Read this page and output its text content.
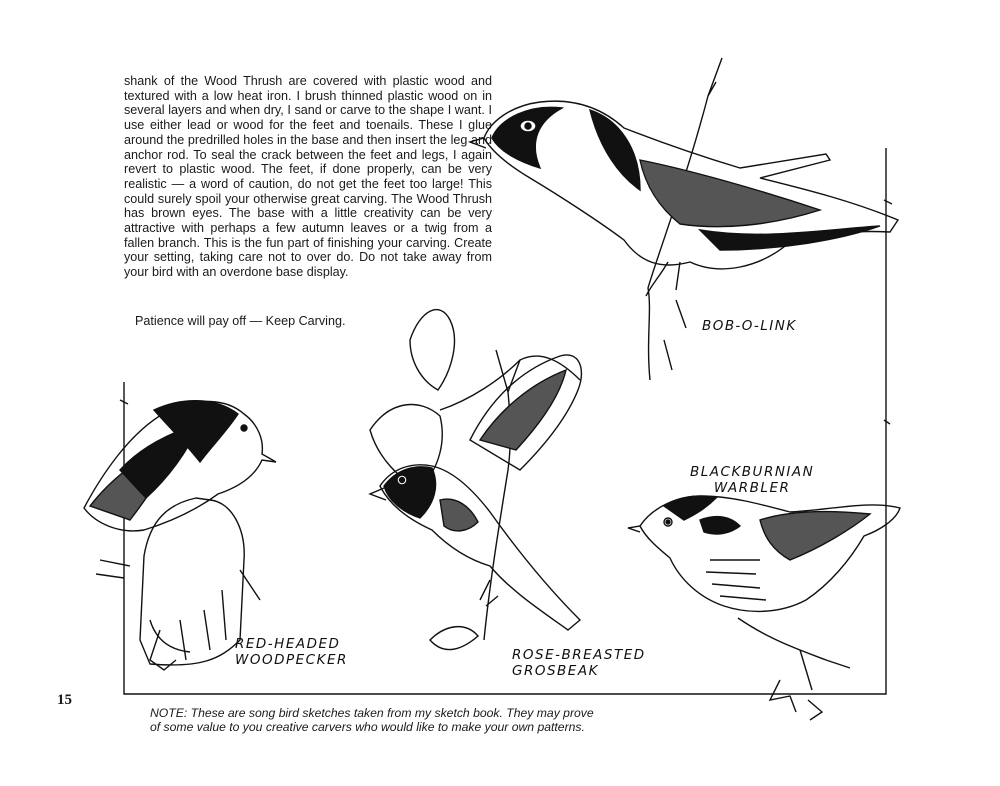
shank of the Wood Thrush are covered with plastic wood and textured with a low heat iron. I brush thinned plastic wood on in several layers and when dry, I sand or carve to the shape I want. I use either lead or wood for the feet and toenails. These I glue around the predrilled holes in the base and then insert the leg and anchor rod. To seal the crack between the feet and legs, I again revert to plastic wood. The feet, if done properly, can be very realistic — a word of caution, do not get the feet too large! This could surely spoil your otherwise great carving. The Wood Thrush has brown eyes. The base with a little creativity can be very attractive with perhaps a few autumn leaves or a twig from a fallen branch. This is the fun part of finishing your carving. Create your setting, taking care not to over do. Do not take away from your bird with an overdone base display.

Patience will pay off — Keep Carving.	BOB-O-LINK
BLACKBURNIAN
WARBLER
RED-HEADED
WOODPECKER	ROSE-BREASTED
GROSBEAK
15

NOTE: These are song bird sketches taken from my sketch book. They may prove of some value to you creative carvers who would like to make your own patterns.
